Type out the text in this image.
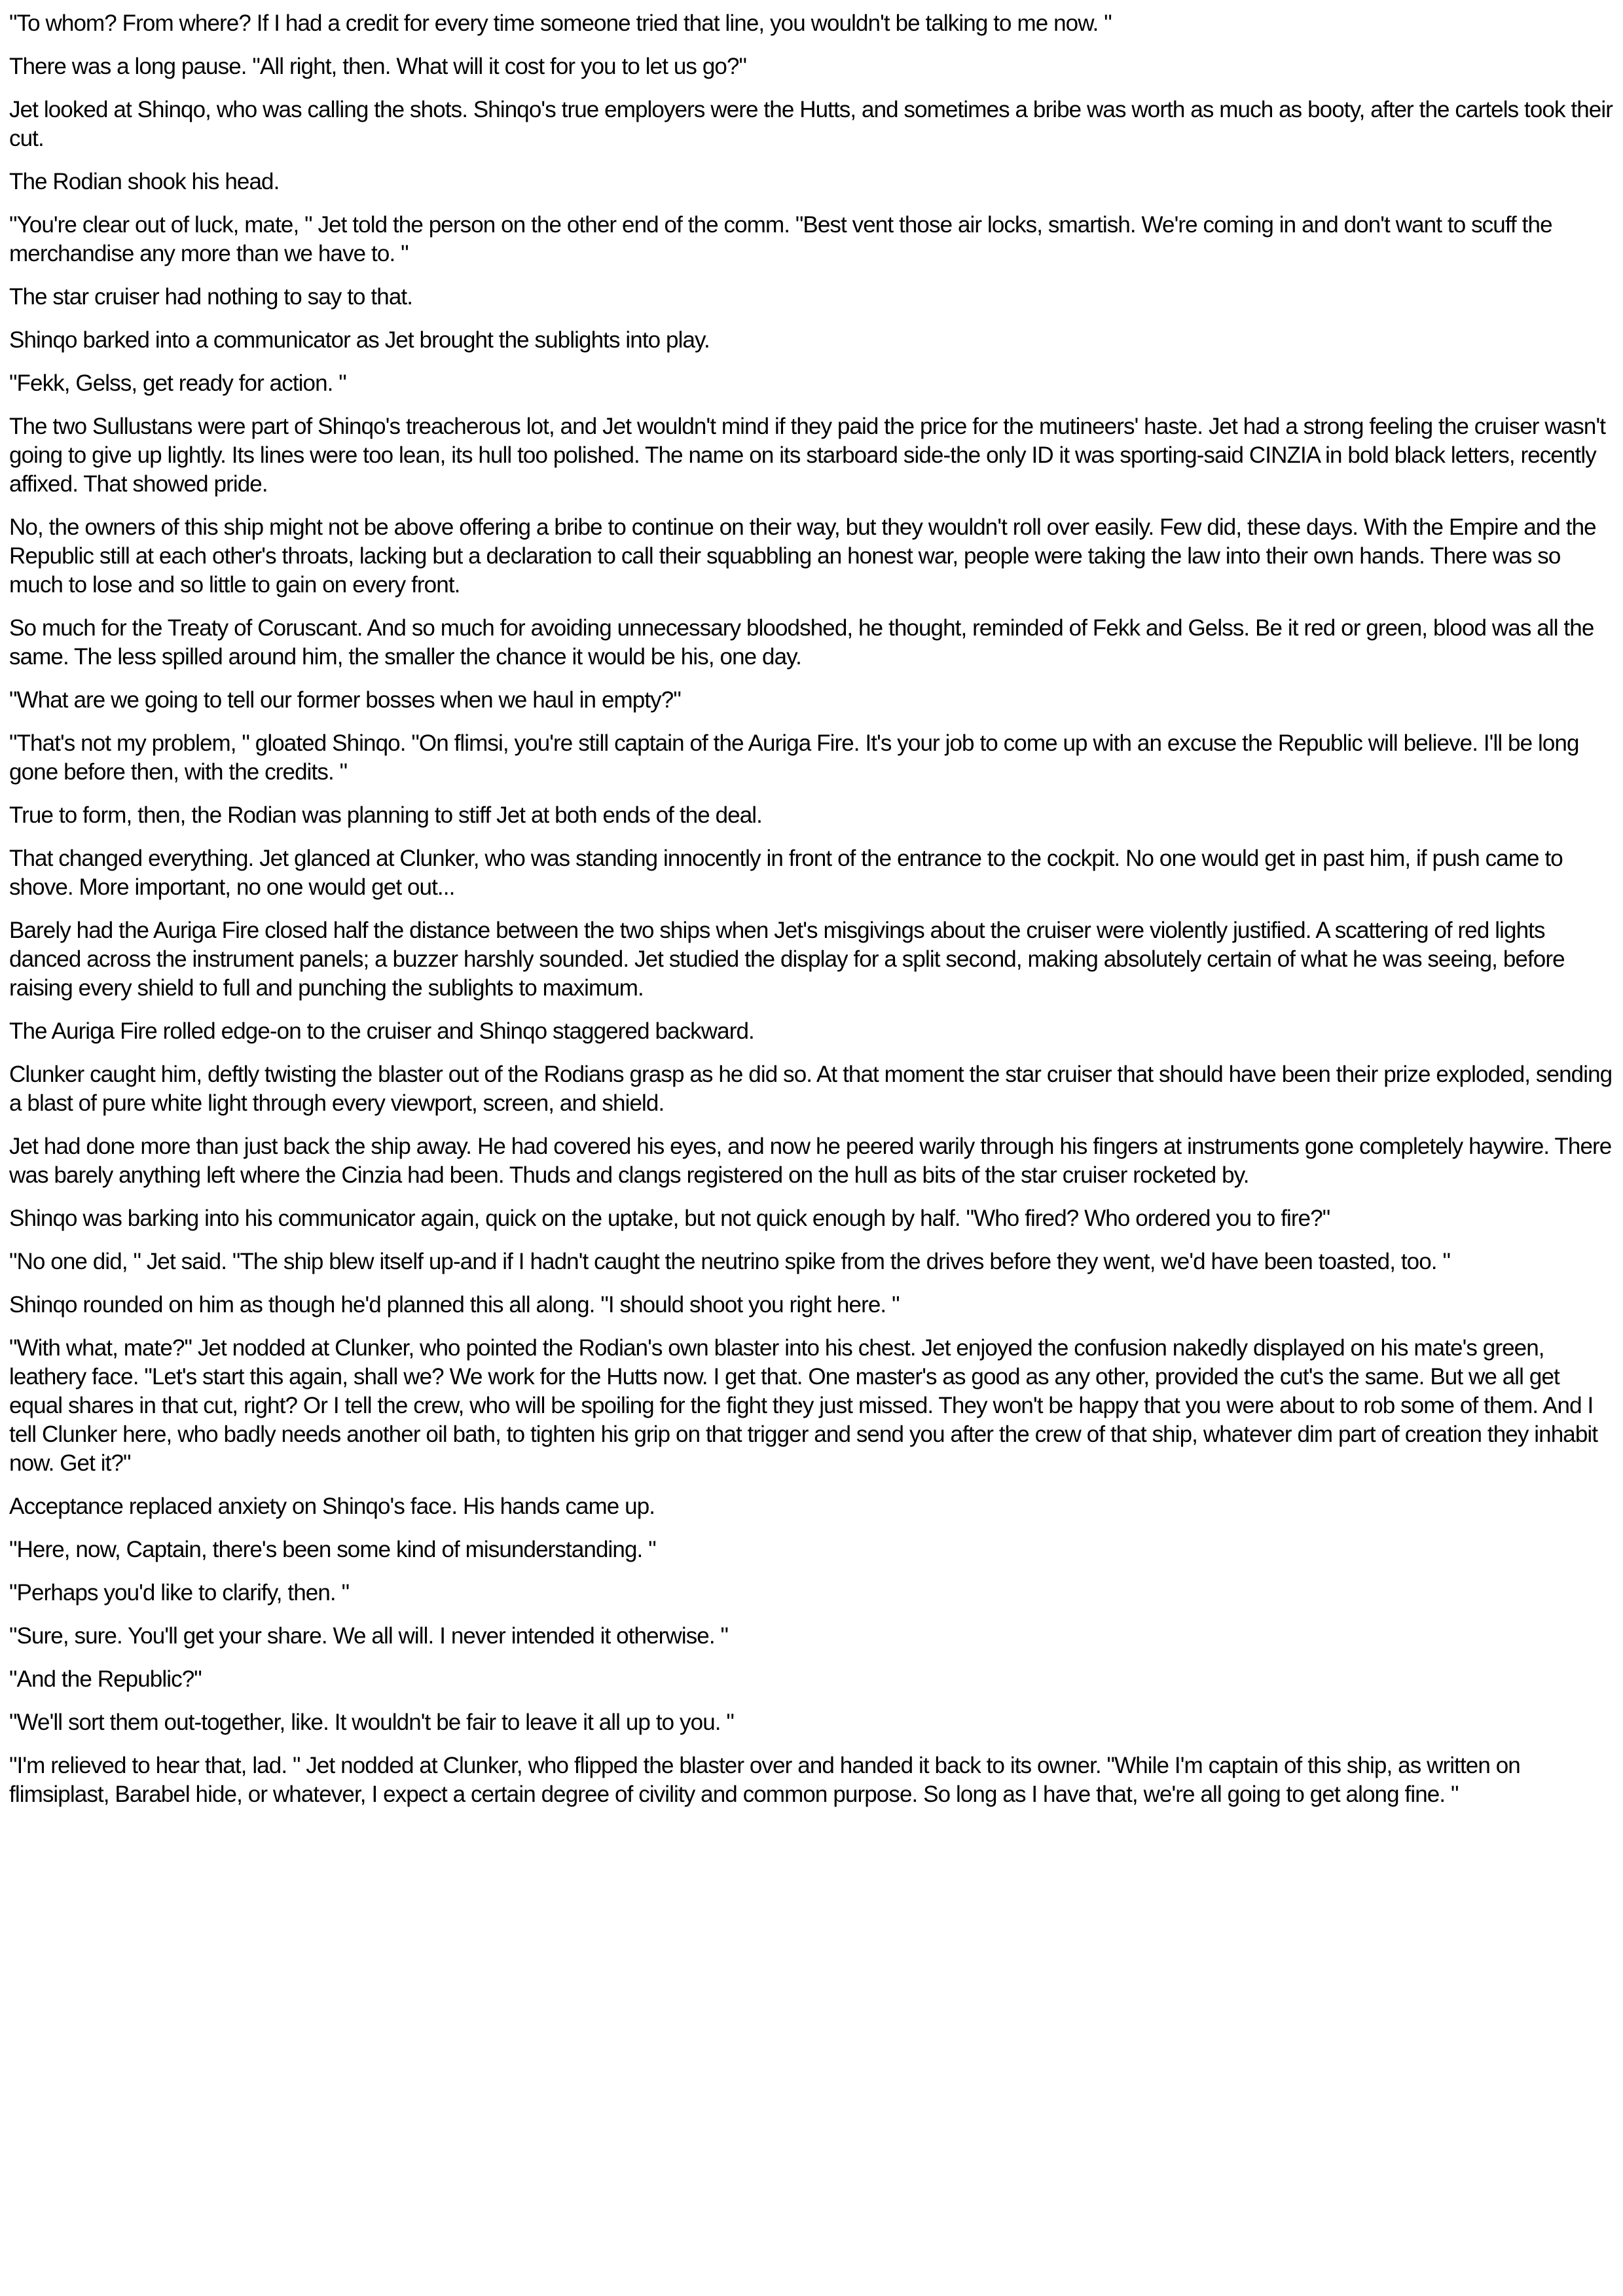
"To whom? From where? If I had a credit for every time someone tried that line, you wouldn't be talking to me now. "

There was a long pause. "All right, then. What will it cost for you to let us go?"

Jet looked at Shinqo, who was calling the shots. Shinqo's true employers were the Hutts, and sometimes a bribe was worth as much as booty, after the cartels took their cut.

The Rodian shook his head.

"You're clear out of luck, mate, " Jet told the person on the other end of the comm. "Best vent those air locks, smartish. We're coming in and don't want to scuff the merchandise any more than we have to. "

The star cruiser had nothing to say to that.

Shinqo barked into a communicator as Jet brought the sublights into play.

"Fekk, Gelss, get ready for action. "

The two Sullustans were part of Shinqo's treacherous lot, and Jet wouldn't mind if they paid the price for the mutineers' haste. Jet had a strong feeling the cruiser wasn't going to give up lightly. Its lines were too lean, its hull too polished. The name on its starboard side-the only ID it was sporting-said CINZIA in bold black letters, recently affixed. That showed pride.

No, the owners of this ship might not be above offering a bribe to continue on their way, but they wouldn't roll over easily. Few did, these days. With the Empire and the Republic still at each other's throats, lacking but a declaration to call their squabbling an honest war, people were taking the law into their own hands. There was so much to lose and so little to gain on every front.

So much for the Treaty of Coruscant. And so much for avoiding unnecessary bloodshed, he thought, reminded of Fekk and Gelss. Be it red or green, blood was all the same. The less spilled around him, the smaller the chance it would be his, one day.

"What are we going to tell our former bosses when we haul in empty?"

"That's not my problem, " gloated Shinqo. "On flimsi, you're still captain of the Auriga Fire. It's your job to come up with an excuse the Republic will believe. I'll be long gone before then, with the credits. "

True to form, then, the Rodian was planning to stiff Jet at both ends of the deal.

That changed everything. Jet glanced at Clunker, who was standing innocently in front of the entrance to the cockpit. No one would get in past him, if push came to shove. More important, no one would get out...

Barely had the Auriga Fire closed half the distance between the two ships when Jet's misgivings about the cruiser were violently justified. A scattering of red lights danced across the instrument panels; a buzzer harshly sounded. Jet studied the display for a split second, making absolutely certain of what he was seeing, before raising every shield to full and punching the sublights to maximum.

The Auriga Fire rolled edge-on to the cruiser and Shinqo staggered backward.

Clunker caught him, deftly twisting the blaster out of the Rodians grasp as he did so. At that moment the star cruiser that should have been their prize exploded, sending a blast of pure white light through every viewport, screen, and shield.

Jet had done more than just back the ship away. He had covered his eyes, and now he peered warily through his fingers at instruments gone completely haywire. There was barely anything left where the Cinzia had been. Thuds and clangs registered on the hull as bits of the star cruiser rocketed by.

Shinqo was barking into his communicator again, quick on the uptake, but not quick enough by half. "Who fired? Who ordered you to fire?"

"No one did, " Jet said. "The ship blew itself up-and if I hadn't caught the neutrino spike from the drives before they went, we'd have been toasted, too. "

Shinqo rounded on him as though he'd planned this all along. "I should shoot you right here. "

"With what, mate?" Jet nodded at Clunker, who pointed the Rodian's own blaster into his chest. Jet enjoyed the confusion nakedly displayed on his mate's green, leathery face. "Let's start this again, shall we? We work for the Hutts now. I get that. One master's as good as any other, provided the cut's the same. But we all get equal shares in that cut, right? Or I tell the crew, who will be spoiling for the fight they just missed. They won't be happy that you were about to rob some of them. And I tell Clunker here, who badly needs another oil bath, to tighten his grip on that trigger and send you after the crew of that ship, whatever dim part of creation they inhabit now. Get it?"

Acceptance replaced anxiety on Shinqo's face. His hands came up.

"Here, now, Captain, there's been some kind of misunderstanding. "

"Perhaps you'd like to clarify, then. "

"Sure, sure. You'll get your share. We all will. I never intended it otherwise. "

"And the Republic?"

"We'll sort them out-together, like. It wouldn't be fair to leave it all up to you. "

"I'm relieved to hear that, lad. " Jet nodded at Clunker, who flipped the blaster over and handed it back to its owner. "While I'm captain of this ship, as written on flimsiplast, Barabel hide, or whatever, I expect a certain degree of civility and common purpose. So long as I have that, we're all going to get along fine. "
